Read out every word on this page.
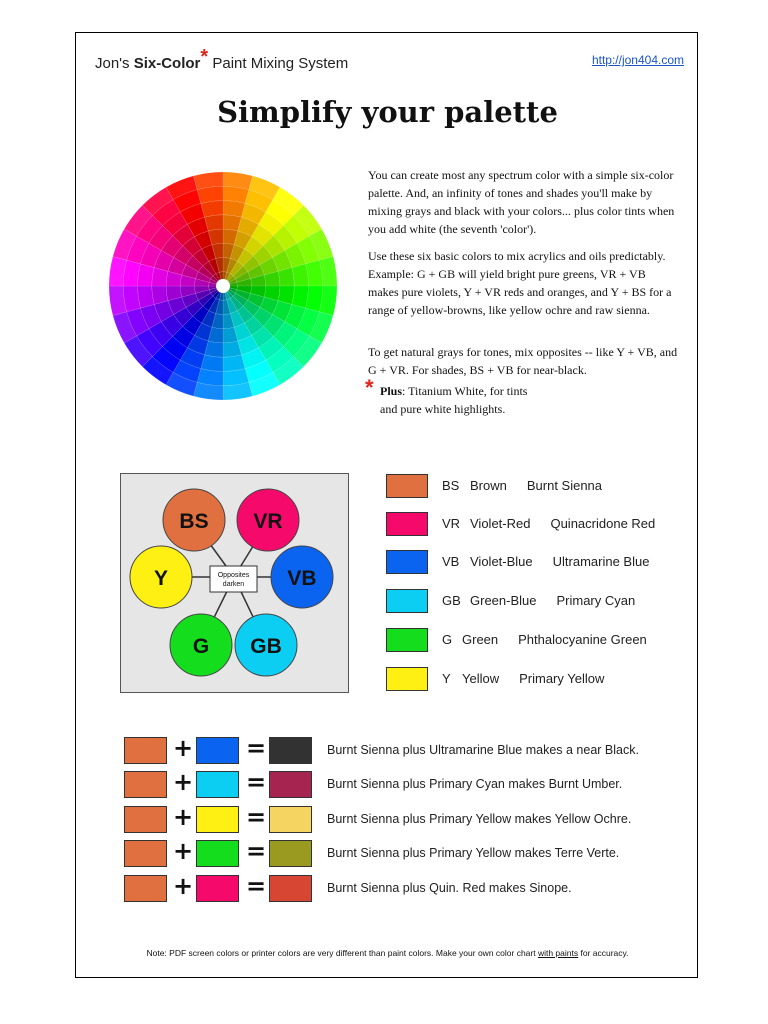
Jon's Six-Color* Paint Mixing System	http://jon404.com
Simplify your palette
You can create most any spectrum color with a simple six-color palette. And, an infinity of tones and shades you'll make by mixing grays and black with your colors... plus color tints when you add white (the seventh 'color').
Use these six basic colors to mix acrylics and oils predictably. Example: G + GB will yield bright pure greens, VR + VB makes pure violets, Y + VR reds and oranges, and Y + BS for a range of yellow-browns, like yellow ochre and raw sienna.
To get natural grays for tones, mix opposites -- like Y + VB, and G + VR. For shades, BS + VB for near-black.
* Plus: Titanium White, for tints
and pure white highlights.
BS VR
VB
GB
G
Y	Opposites
darken
BS Brown Burnt Sienna
VR Violet-Red Quinacridone Red
VB Violet-Blue Ultramarine Blue
GB Green-Blue Primary Cyan
G Green Phthalocyanine Green
Y Yellow Primary Yellow
+ =	Burnt Sienna plus Ultramarine Blue makes a near Black.
+ =	Burnt Sienna plus Primary Cyan makes Burnt Umber.
+ =	Burnt Sienna plus Primary Yellow makes Yellow Ochre.
+ =	Burnt Sienna plus Primary Yellow makes Terre Verte.
+ =	Burnt Sienna plus Quin. Red makes Sinope.
Note: PDF screen colors or printer colors are very different than paint colors. Make your own color chart with paints for accuracy.
